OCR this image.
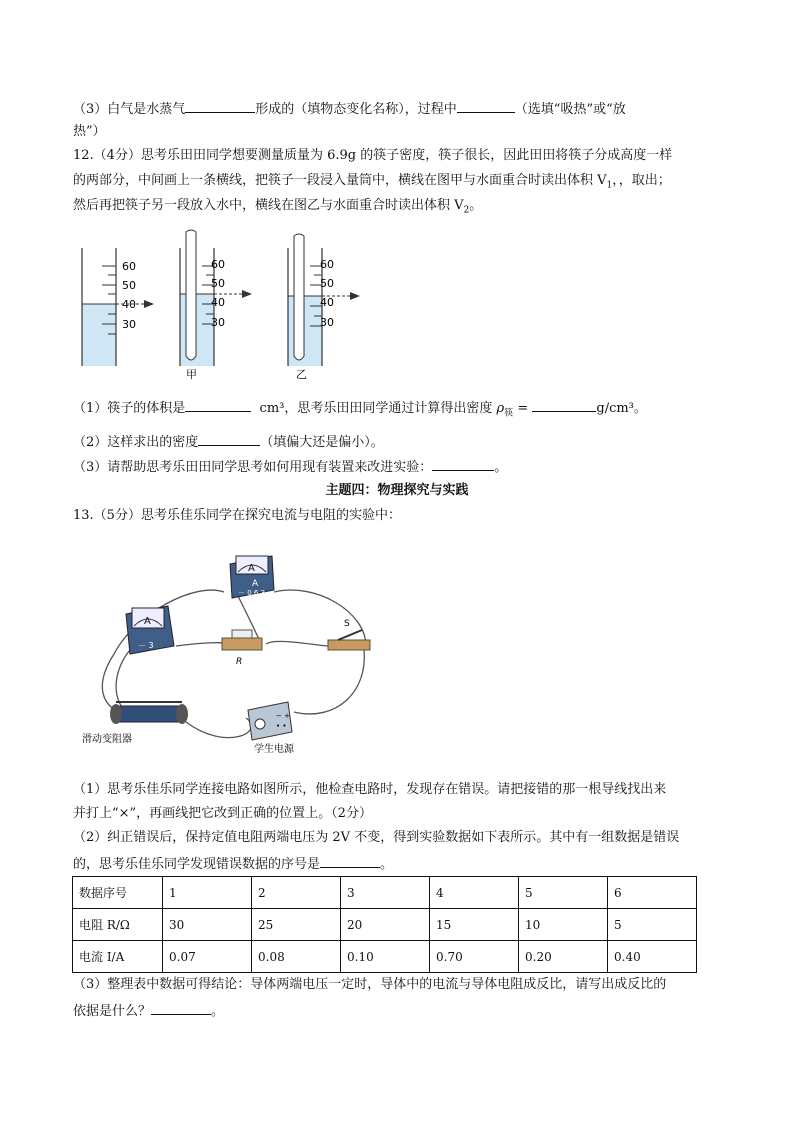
（3）白气是水蒸气	形成的（填物态变化名称），过程中	（选填“吸热”或“放
热”）
12.（4分）思考乐田田同学想要测量质量为 6.9g 的筷子密度，筷子很长，因此田田将筷子分成高度一样
的两部分，中间画上一条横线，把筷子一段浸入量筒中，横线在图甲与水面重合时读出体积 $V_1$，，取出；
然后再把筷子另一段放入水中，横线在图乙与水面重合时读出体积 $V_2$。
60
50
40
30
60
50
40
30
甲
60
50
40
30
乙
（1）筷子的体积是	cm³，思考乐田田同学通过计算得出密度 $\rho_筷$ =	g/cm³。
（2）这样求出的密度	（填偏大还是偏小）。
（3）请帮助思考乐田田同学思考如何用现有装置来改进实验：	。
主题四：物理探究与实践
13.（5分）思考乐佳乐同学在探究电流与电阻的实验中：
A
A
－ 0.6 3
A
－ 3
R
S
滑动变阻器
− +
• •
学生电源
（1）思考乐佳乐同学连接电路如图所示，他检查电路时，发现存在错误。请把接错的那一根导线找出来
并打上“×”，再画线把它改到正确的位置上。（2分）
（2）纠正错误后，保持定值电阻两端电压为 2V 不变，得到实验数据如下表所示。其中有一组数据是错误
的，思考乐佳乐同学发现错误数据的序号是	。
数据序号	1	2	3	4	5	6
电阻 R/Ω	30	25	20	15	10	5
电流 I/A	0.07	0.08	0.10	0.70	0.20	0.40
（3）整理表中数据可得结论：导体两端电压一定时，导体中的电流与导体电阻成反比，请写出成反比的
依据是什么？	。
